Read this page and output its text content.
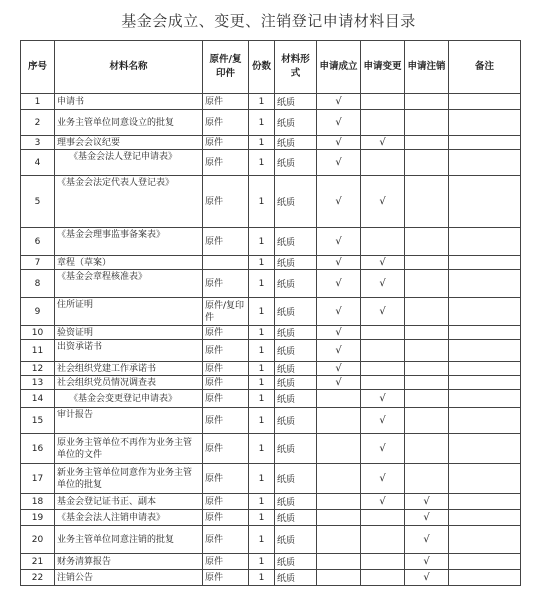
基金会成立、变更、注销登记申请材料目录
序号	材料名称	原件/复印件	份数	材料形式	申请成立	申请变更	申请注销	备注
1	申请书	原件	1	纸质	√			
2	业务主管单位同意设立的批复	原件	1	纸质	√			
3	理事会会议纪要	原件	1	纸质	√	√		
4	《基金会法人登记申请表》	原件	1	纸质	√			
5	《基金会法定代表人登记表》	原件	1	纸质	√	√		
6	《基金会理事监事备案表》	原件	1	纸质	√			
7	章程（草案）		1	纸质	√	√		
8	《基金会章程核准表》	原件	1	纸质	√	√		
9	住所证明	原件/复印件	1	纸质	√	√		
10	验资证明	原件	1	纸质	√			
11	出资承诺书	原件	1	纸质	√			
12	社会组织党建工作承诺书	原件	1	纸质	√			
13	社会组织党员情况调查表	原件	1	纸质	√			
14	《基金会变更登记申请表》	原件	1	纸质		√		
15	审计报告	原件	1	纸质		√		
16	原业务主管单位不再作为业务主管单位的文件	原件	1	纸质		√		
17	新业务主管单位同意作为业务主管单位的批复	原件	1	纸质		√		
18	基金会登记证书正、副本	原件	1	纸质		√	√	
19	《基金会法人注销申请表》	原件	1	纸质			√	
20	业务主管单位同意注销的批复	原件	1	纸质			√	
21	财务清算报告	原件	1	纸质			√	
22	注销公告	原件	1	纸质			√	
